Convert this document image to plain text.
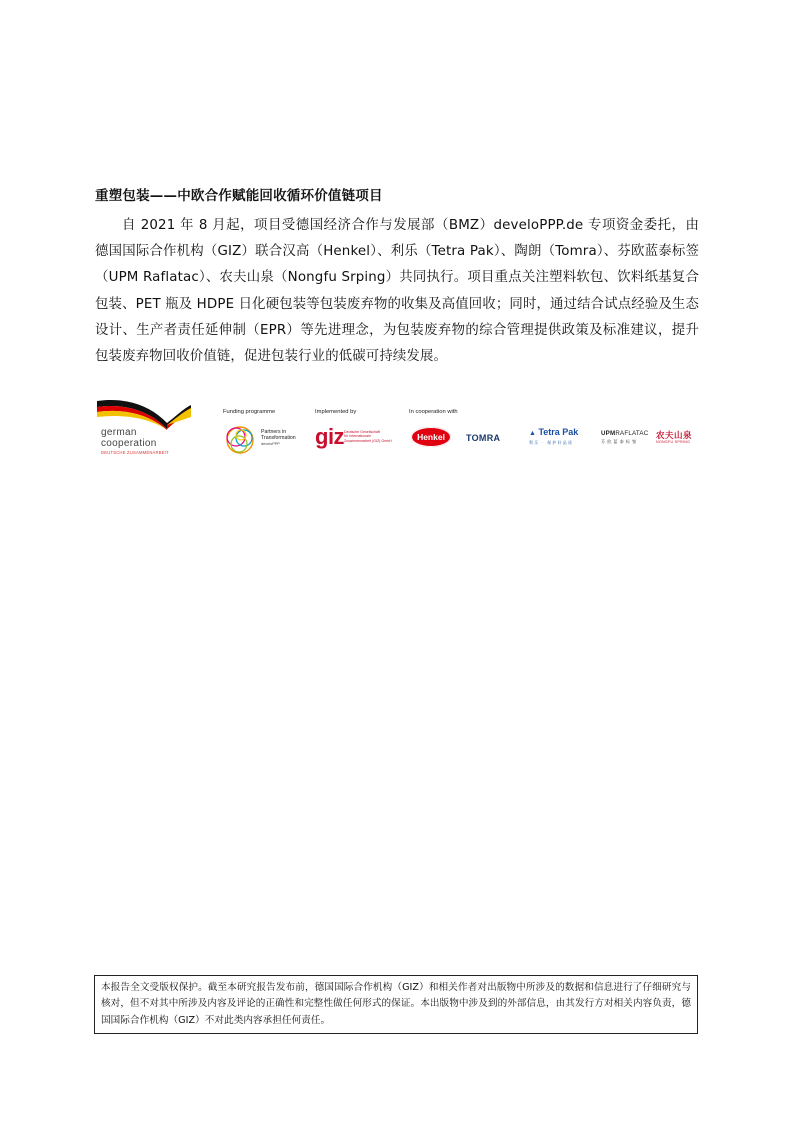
重塑包装——中欧合作赋能回收循环价值链项目

自 2021 年 8 月起，项目受德国经济合作与发展部（BMZ）develoPPP.de 专项资金委托，由德国国际合作机构（GIZ）联合汉高（Henkel）、利乐（Tetra Pak）、陶朗（Tomra）、芬欧蓝泰标签（UPM Raflatac）、农夫山泉（Nongfu Srping）共同执行。项目重点关注塑料软包、饮料纸基复合包装、PET 瓶及 HDPE 日化硬包装等包装废弃物的收集及高值回收；同时，通过结合试点经验及生态设计、生产者责任延伸制（EPR）等先进理念，为包装废弃物的综合管理提供政策及标准建议，提升包装废弃物回收价值链，促进包装行业的低碳可持续发展。

german
cooperation
DEUTSCHE ZUSAMMENARBEIT
Funding programme	Implemented by	In cooperation with
Partners in
Transformation
develoPPP	giz Deutsche Gesellschaft
für Internationale
Zusammenarbeit (GIZ) GmbH	Henkel	TOMRA	▲ Tetra Pak
利乐 · 保护好品质
UPMRAFLATAC
芬欧蓝泰标签
农夫山泉
NONGFU SPRING
本报告全文受版权保护。截至本研究报告发布前，德国国际合作机构（GIZ）和相关作者对出版物中所涉及的数据和信息进行了仔细研究与核对，但不对其中所涉及内容及评论的正确性和完整性做任何形式的保证。本出版物中涉及到的外部信息，由其发行方对相关内容负责，德国国际合作机构（GIZ）不对此类内容承担任何责任。
